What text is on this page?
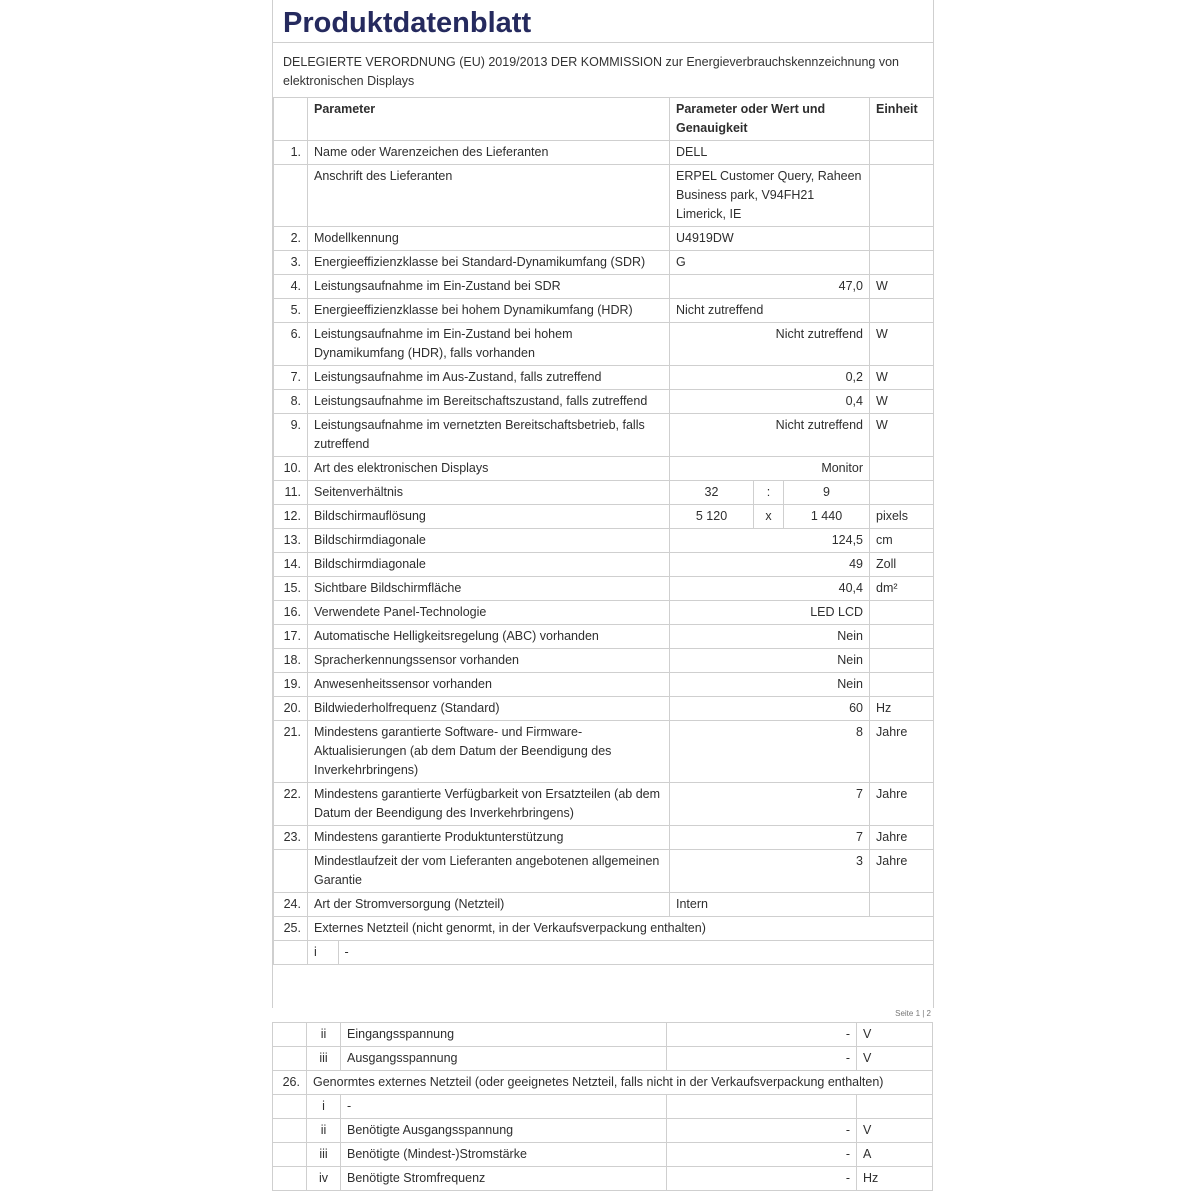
Produktdatenblatt
DELEGIERTE VERORDNUNG (EU) 2019/2013 DER KOMMISSION zur Energieverbrauchskennzeichnung von elektronischen Displays
	Parameter	Parameter oder Wert und Genauigkeit	Einheit
1.	Name oder Warenzeichen des Lieferanten	DELL	
	Anschrift des Lieferanten	ERPEL Customer Query, Raheen Business park, V94FH21 Limerick, IE	
2.	Modellkennung	U4919DW	
3.	Energieeffizienzklasse bei Standard-Dynamikumfang (SDR)	G	
4.	Leistungsaufnahme im Ein-Zustand bei SDR	47,0	W
5.	Energieeffizienzklasse bei hohem Dynamikumfang (HDR)	Nicht zutreffend	
6.	Leistungsaufnahme im Ein-Zustand bei hohem Dynamikumfang (HDR), falls vorhanden	Nicht zutreffend	W
7.	Leistungsaufnahme im Aus-Zustand, falls zutreffend	0,2	W
8.	Leistungsaufnahme im Bereitschaftszustand, falls zutreffend	0,4	W
9.	Leistungsaufnahme im vernetzten Bereitschaftsbetrieb, falls zutreffend	Nicht zutreffend	W
10.	Art des elektronischen Displays	Monitor	
11.	Seitenverhältnis	32	:	9	
12.	Bildschirmauflösung	5 120	x	1 440	pixels
13.	Bildschirmdiagonale	124,5	cm
14.	Bildschirmdiagonale	49	Zoll
15.	Sichtbare Bildschirmfläche	40,4	dm²
16.	Verwendete Panel-Technologie	LED LCD	
17.	Automatische Helligkeitsregelung (ABC) vorhanden	Nein	
18.	Spracherkennungssensor vorhanden	Nein	
19.	Anwesenheitssensor vorhanden	Nein	
20.	Bildwiederholfrequenz (Standard)	60	Hz
21.	Mindestens garantierte Software- und Firmware-Aktualisierungen (ab dem Datum der Beendigung des Inverkehrbringens)	8	Jahre
22.	Mindestens garantierte Verfügbarkeit von Ersatzteilen (ab dem Datum der Beendigung des Inverkehrbringens)	7	Jahre
23.	Mindestens garantierte Produktunterstützung	7	Jahre
	Mindestlaufzeit der vom Lieferanten angebotenen allgemeinen Garantie	3	Jahre
24.	Art der Stromversorgung (Netzteil)	Intern	
25.	Externes Netzteil (nicht genormt, in der Verkaufsverpackung enthalten)

i	-
Seite 1 | 2
	ii	Eingangsspannung	-	V
	iii	Ausgangsspannung	-	V
26.	Genormtes externes Netzteil (oder geeignetes Netzteil, falls nicht in der Verkaufsverpackung enthalten)			
	i	-		
	ii	Benötigte Ausgangsspannung	-	V
	iii	Benötigte (Mindest-)Stromstärke	-	A
	iv	Benötigte Stromfrequenz	-	Hz
